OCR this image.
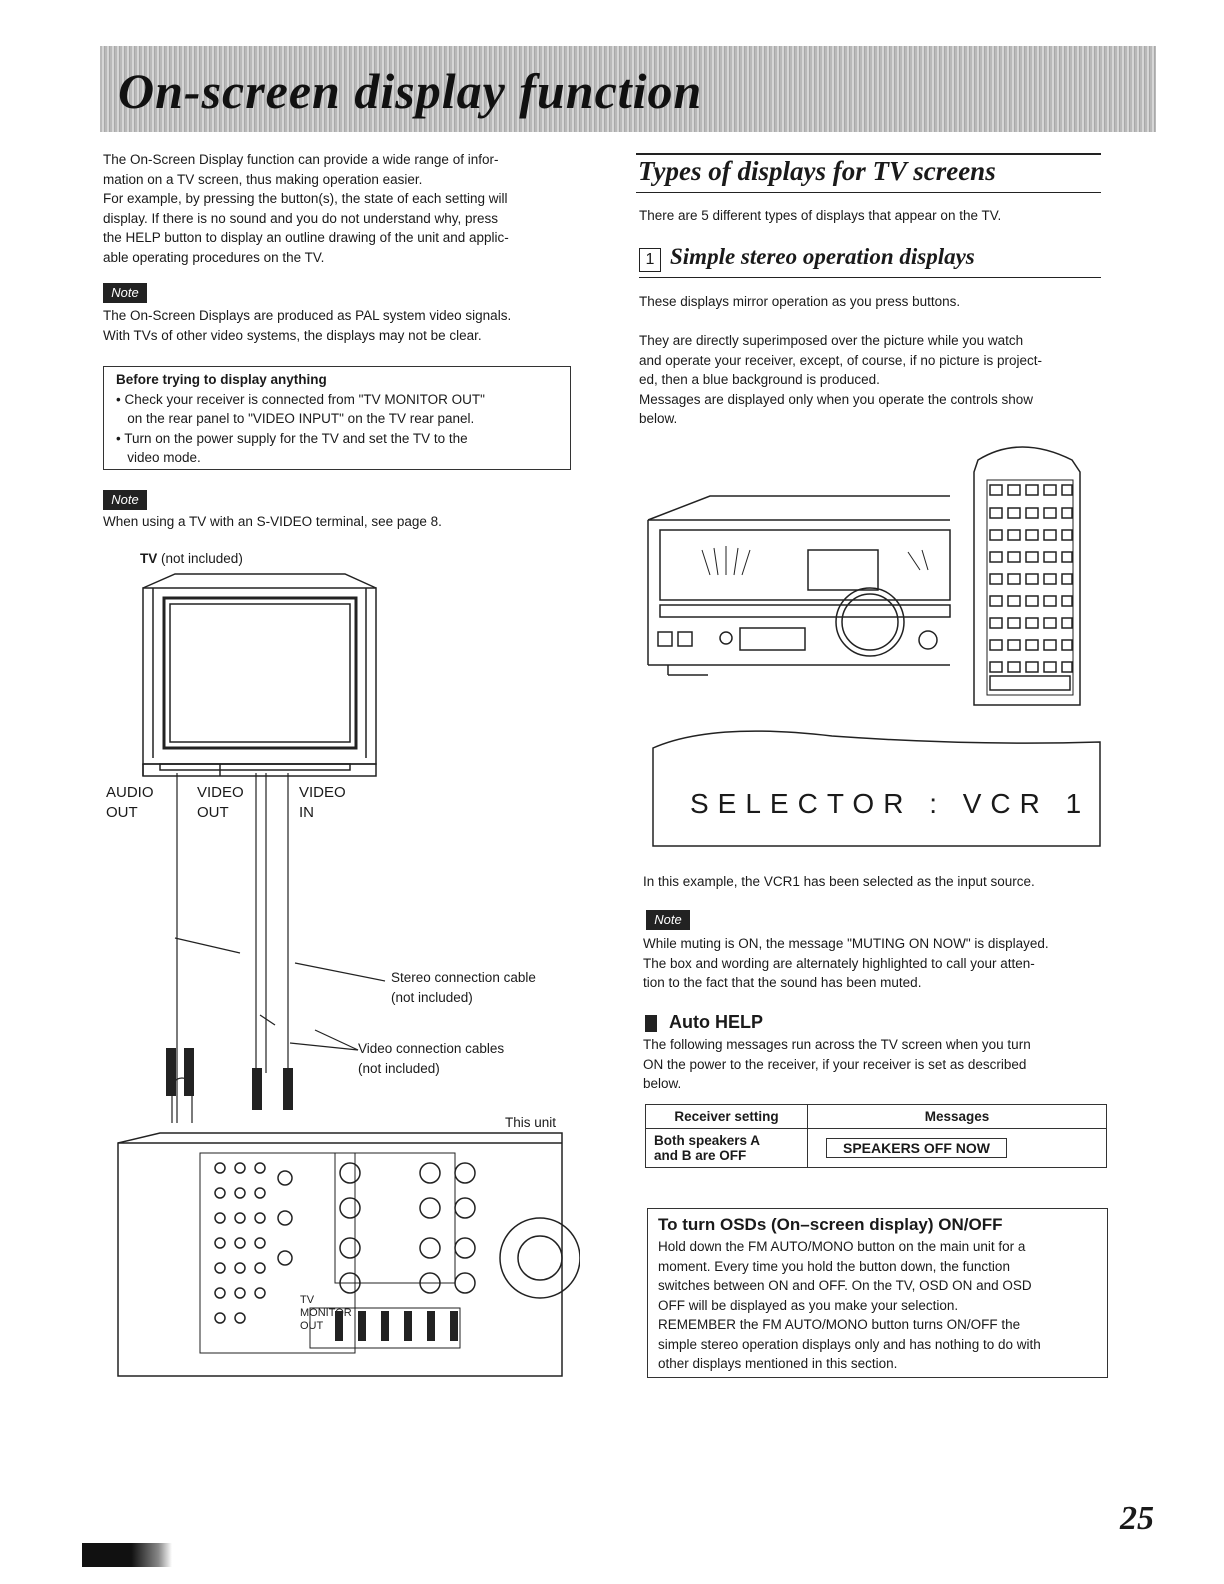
On-screen display function
The On-Screen Display function can provide a wide range of infor-
mation on a TV screen, thus making operation easier.
For example, by pressing the button(s), the state of each setting will
display. If there is no sound and you do not understand why, press
the HELP button to display an outline drawing of the unit and applic-
able operating procedures on the TV.
Note
The On-Screen Displays are produced as PAL system video signals.
With TVs of other video systems, the displays may not be clear.
Before trying to display anything
• Check your receiver is connected from "TV MONITOR OUT"
on the rear panel to "VIDEO INPUT" on the TV rear panel.
• Turn on the power supply for the TV and set the TV to the
video mode.
Note
When using a TV with an S-VIDEO terminal, see page 8.
TV (not included)
TV
MONITOR
OUT
AUDIO
OUT
VIDEO
OUT
VIDEO
IN
Stereo connection cable
(not included)
Video connection cables
(not included)
This unit
Types of displays for TV screens
There are 5 different types of displays that appear on the TV.
1 Simple stereo operation displays
These displays mirror operation as you press buttons.
They are directly superimposed over the picture while you watch
and operate your receiver, except, of course, if no picture is project-
ed, then a blue background is produced.
Messages are displayed only when you operate the controls show
below.
SELECTOR : VCR 1
In this example, the VCR1 has been selected as the input source.
Note
While muting is ON, the message "MUTING ON NOW" is displayed.
The box and wording are alternately highlighted to call your atten-
tion to the fact that the sound has been muted.
Auto HELP
The following messages run across the TV screen when you turn
ON the power to the receiver, if your receiver is set as described
below.
Receiver setting	Messages

Both speakers A
and B are OFF	SPEAKERS OFF NOW
To turn OSDs (On–screen display) ON/OFF
Hold down the FM AUTO/MONO button on the main unit for a
moment. Every time you hold the button down, the function
switches between ON and OFF. On the TV, OSD ON and OSD
OFF will be displayed as you make your selection.
REMEMBER the FM AUTO/MONO button turns ON/OFF the
simple stereo operation displays only and has nothing to do with
other displays mentioned in this section.
25
